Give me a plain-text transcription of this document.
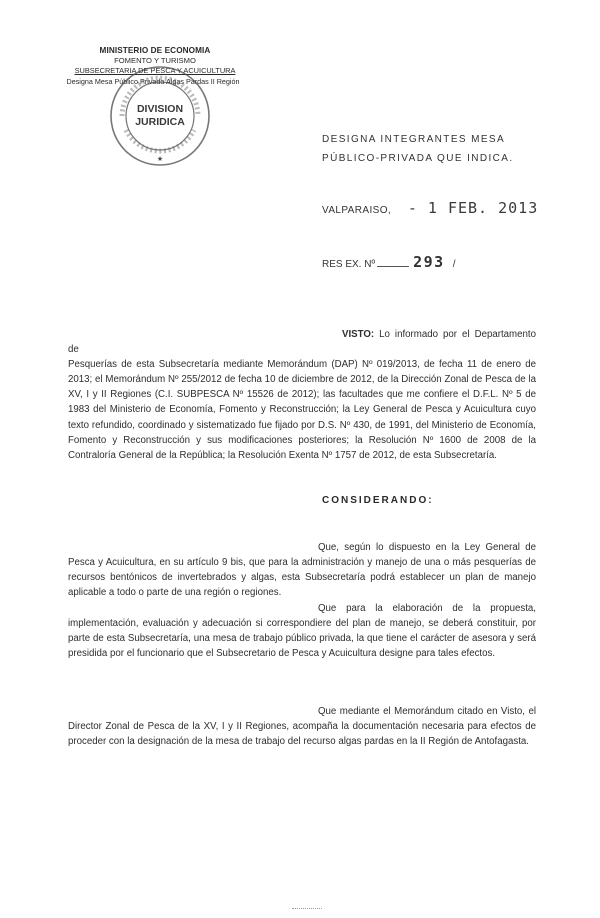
MINISTERIO DE ECONOMIA
FOMENTO Y TURISMO
SUBSECRETARIA DE PESCA Y ACUICULTURA
Designa Mesa Público Privada Algas Pardas II Región
★
DIVISION
JURIDICA
DESIGNA INTEGRANTES MESA PÚBLICO-PRIVADA QUE INDICA.
VALPARAISO, - 1 FEB. 2013
RES EX. Nº	293 /
VISTO: Lo informado por el Departamento de
Pesquerías de esta Subsecretaría mediante Memorándum (DAP) Nº 019/2013, de fecha 11 de enero de 2013; el Memorándum Nº 255/2012 de fecha 10 de diciembre de 2012, de la Dirección Zonal de Pesca de la XV, I y II Regiones (C.I. SUBPESCA Nº 15526 de 2012); las facultades que me confiere el D.F.L. Nº 5 de 1983 del Ministerio de Economía, Fomento y Reconstrucción; la Ley General de Pesca y Acuicultura cuyo texto refundido, coordinado y sistematizado fue fijado por D.S. Nº 430, de 1991, del Ministerio de Economía, Fomento y Reconstrucción y sus modificaciones posteriores; la Resolución Nº 1600 de 2008 de la Contraloría General de la República; la Resolución Exenta Nº 1757 de 2012, de esta Subsecretaría.
CONSIDERANDO:
Que, según lo dispuesto en la Ley General de Pesca y Acuicultura, en su artículo 9 bis, que para la administración y manejo de una o más pesquerías de recursos bentónicos de invertebrados y algas, esta Subsecretaría podrá establecer un plan de manejo aplicable a todo o parte de una región o regiones.
Que para la elaboración de la propuesta, implementación, evaluación y adecuación si correspondiere del plan de manejo, se deberá constituir, por parte de esta Subsecretaría, una mesa de trabajo público privada, la que tiene el carácter de asesora y será presidida por el funcionario que el Subsecretario de Pesca y Acuicultura designe para tales efectos.
Que mediante el Memorándum citado en Visto, el Director Zonal de Pesca de la XV, I y II Regiones, acompaña la documentación necesaria para efectos de proceder con la designación de la mesa de trabajo del recurso algas pardas en la II Región de Antofagasta.
